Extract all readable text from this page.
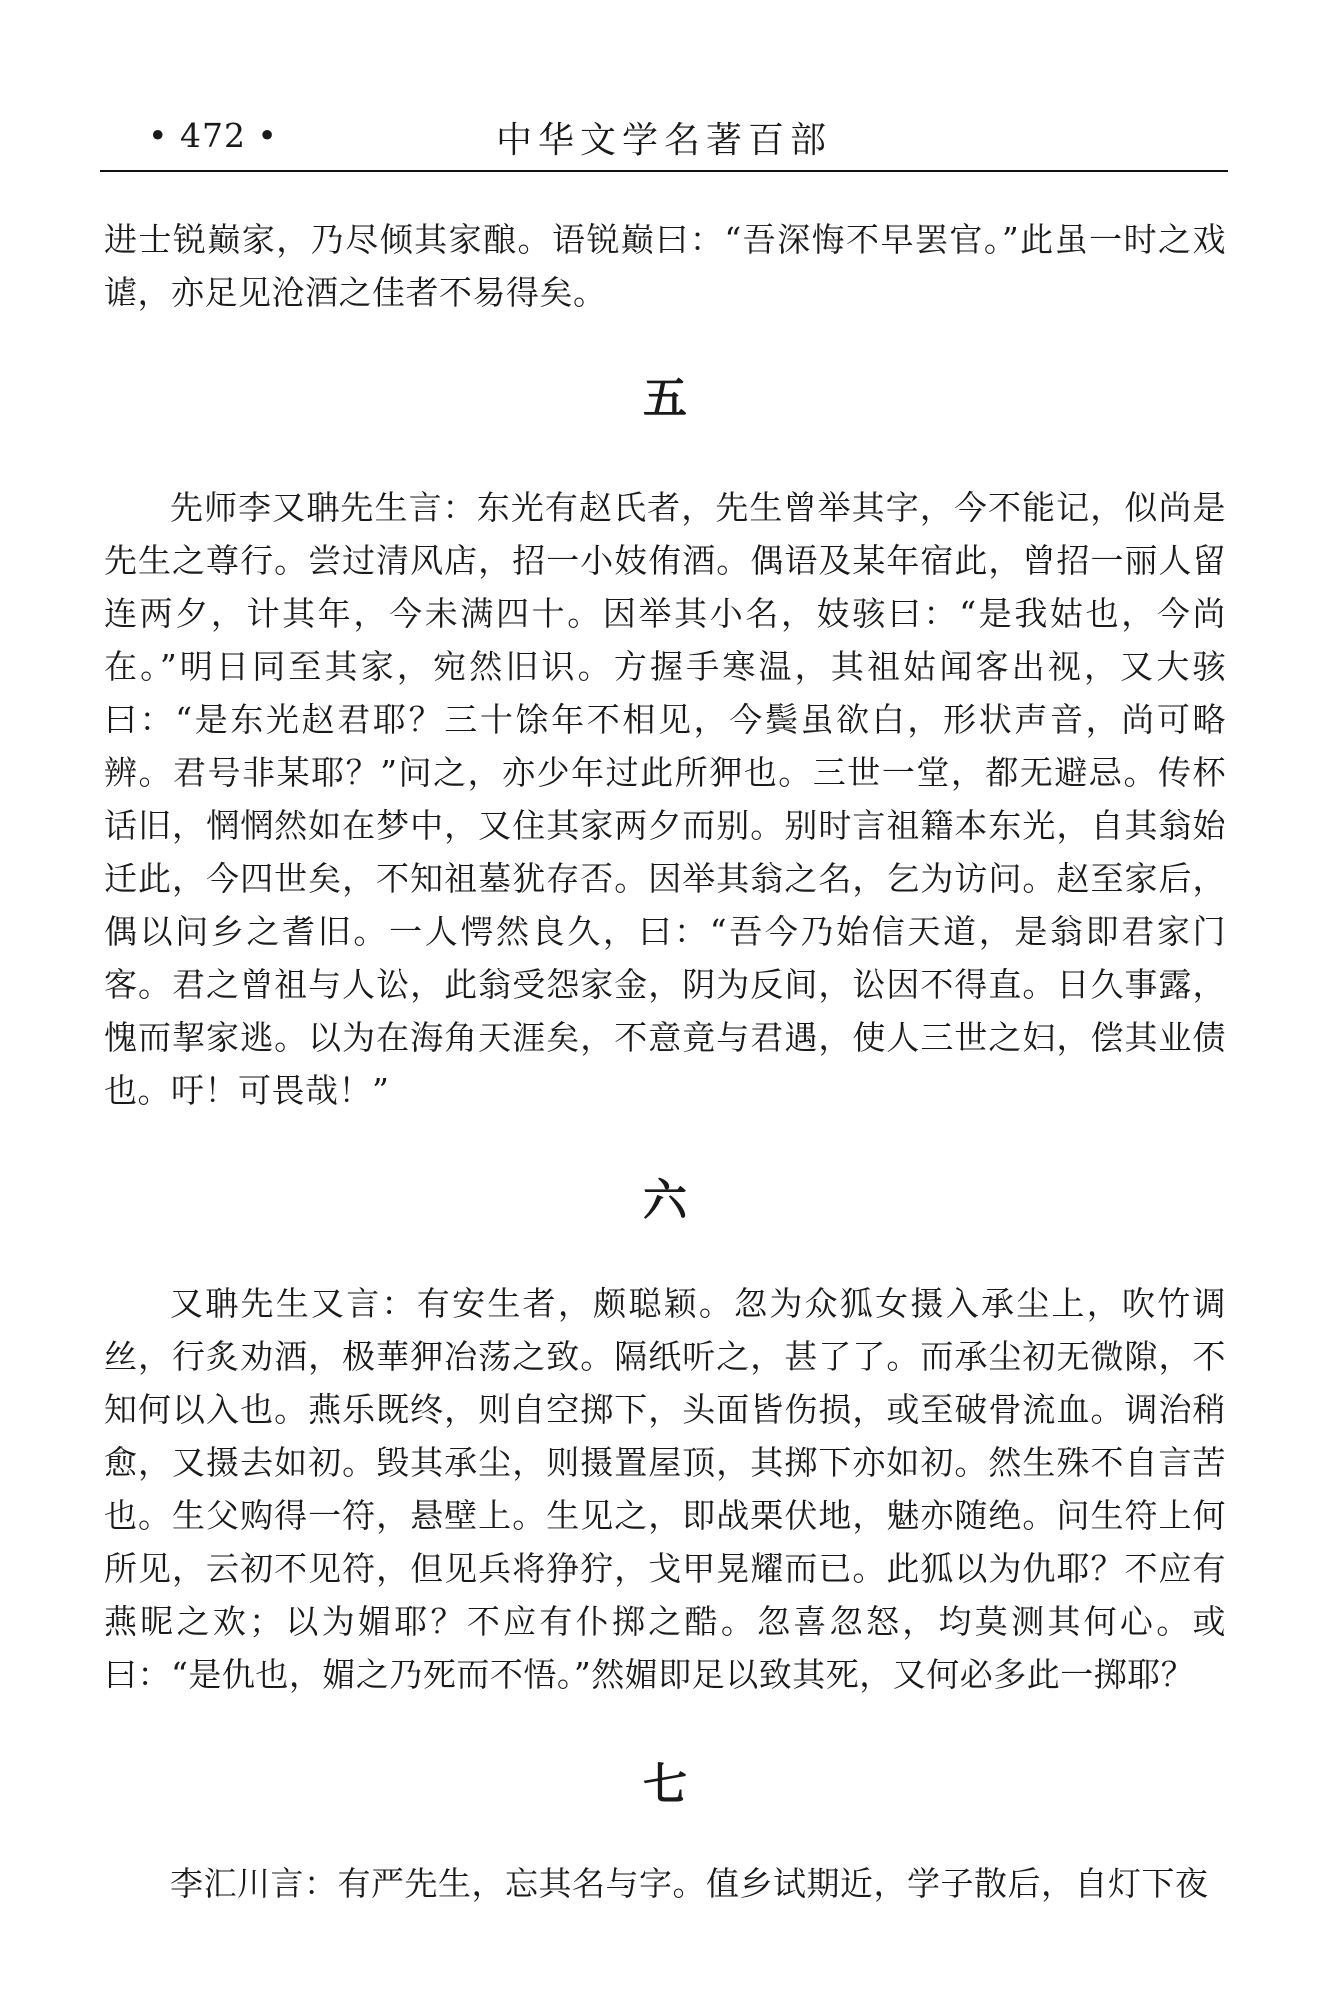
• 472 •	中华文学名著百部

进士锐巅家，乃尽倾其家酿。语锐巅曰：“吾深悔不早罢官。”此虽一时之戏谑，亦足见沧酒之佳者不易得矣。

五

先师李又聃先生言：东光有赵氏者，先生曾举其字，今不能记，似尚是先生之尊行。尝过清风店，招一小妓侑酒。偶语及某年宿此，曾招一丽人留连两夕，计其年，今未满四十。因举其小名，妓骇曰：“是我姑也，今尚在。”明日同至其家，宛然旧识。方握手寒温，其祖姑闻客出视，又大骇曰：“是东光赵君耶？三十馀年不相见，今鬓虽欲白，形状声音，尚可略辨。君号非某耶？”问之，亦少年过此所狎也。三世一堂，都无避忌。传杯话旧，惘惘然如在梦中，又住其家两夕而别。别时言祖籍本东光，自其翁始迁此，今四世矣，不知祖墓犹存否。因举其翁之名，乞为访问。赵至家后，偶以问乡之耆旧。一人愕然良久，曰：“吾今乃始信天道，是翁即君家门客。君之曾祖与人讼，此翁受怨家金，阴为反间，讼因不得直。日久事露，愧而挈家逃。以为在海角天涯矣，不意竟与君遇，使人三世之妇，偿其业债也。吁！可畏哉！”

六

又聃先生又言：有安生者，颇聪颖。忽为众狐女摄入承尘上，吹竹调丝，行炙劝酒，极華狎冶荡之致。隔纸听之，甚了了。而承尘初无微隙，不知何以入也。燕乐既终，则自空掷下，头面皆伤损，或至破骨流血。调治稍愈，又摄去如初。毁其承尘，则摄置屋顶，其掷下亦如初。然生殊不自言苦也。生父购得一符，悬壁上。生见之，即战栗伏地，魅亦随绝。问生符上何所见，云初不见符，但见兵将狰狞，戈甲晃耀而已。此狐以为仇耶？不应有燕昵之欢；以为媚耶？不应有仆掷之酷。忽喜忽怒，均莫测其何心。或曰：“是仇也，媚之乃死而不悟。”然媚即足以致其死，又何必多此一掷耶？

七

李汇川言：有严先生，忘其名与字。值乡试期近，学子散后，自灯下夜
